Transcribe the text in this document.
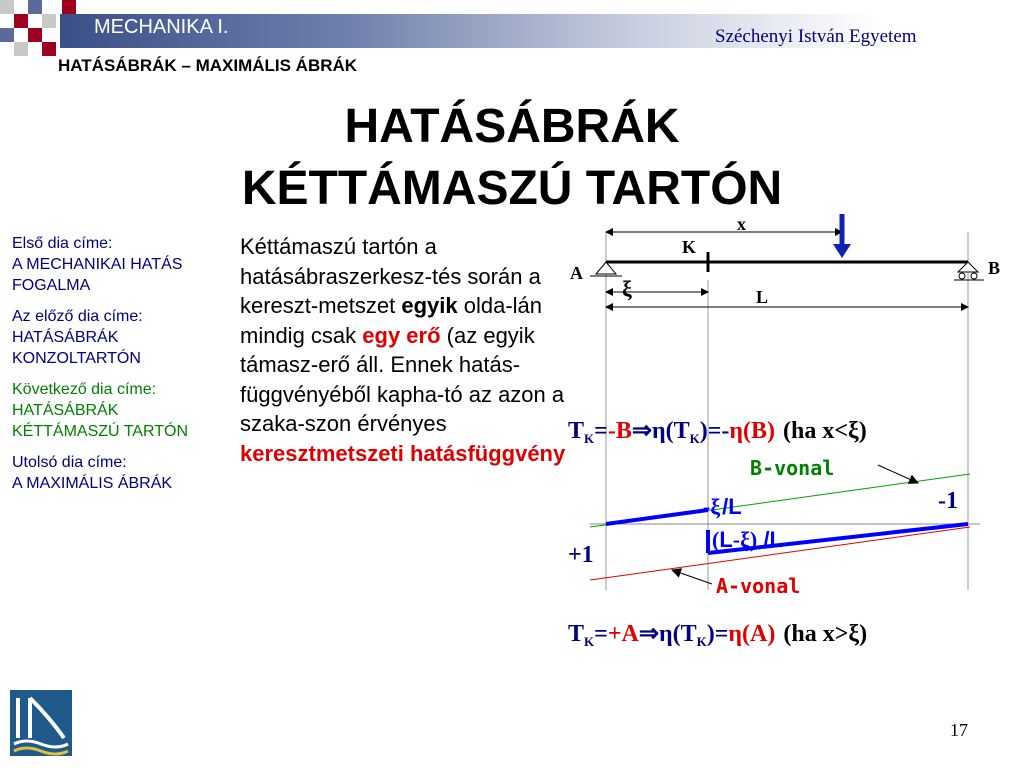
MECHANIKA I.	Széchenyi István Egyetem
HATÁSÁBRÁK – MAXIMÁLIS ÁBRÁK
HATÁSÁBRÁK
KÉTTÁMASZÚ TARTÓN

Első dia címe:
A MECHANIKAI HATÁS FOGALMA

Az előző dia címe:
HATÁSÁBRÁK KONZOLTARTÓN

Következő dia címe:
HATÁSÁBRÁK KÉTTÁMASZÚ TARTÓN

Utolsó dia címe:
A MAXIMÁLIS ÁBRÁK

Kéttámaszú tartón a hatásábraszerkesz-tés során a kereszt-metszet egyik olda-lán mindig csak egy erő (az egyik támasz-erő áll. Ennek hatás-függvényéből kapha-tó az azon a szaka-szon érvényes keresztmetszeti hatásfüggvény
x
K
A	B
ξ	L
$T_K=-B\Rightarrow\eta(T_K)=-\eta(B)$ (ha x<ξ)
B-vonal
A-vonal
-1
+1
-ξ/L
(L-ξ) /L
$T_K=+A\Rightarrow\eta(T_K)=\eta(A)$ (ha x>ξ)
17
